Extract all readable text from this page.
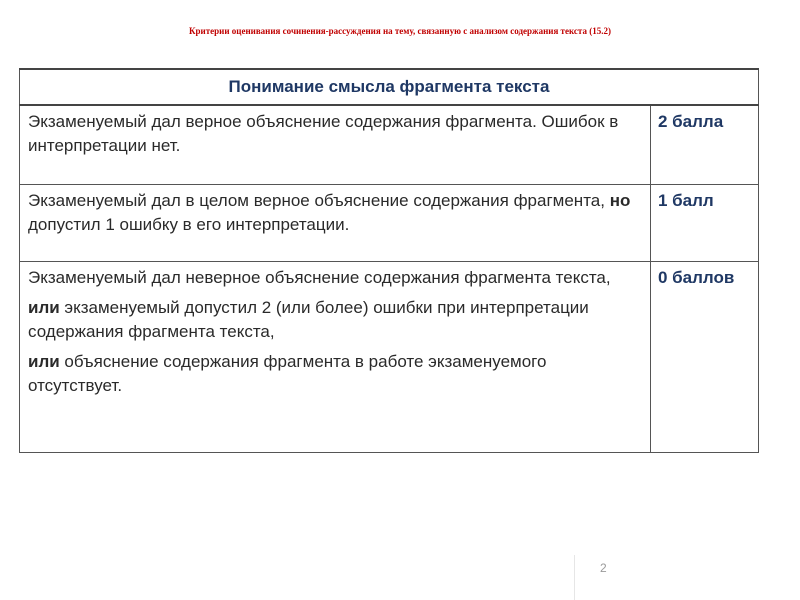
Критерии оценивания сочинения-рассуждения на тему, связанную с анализом содержания текста (15.2)
Понимание смысла фрагмента текста	
Экзаменуемый дал верное объяснение содержания фрагмента. Ошибок в интерпретации нет.	2 балла
Экзаменуемый дал в целом верное объяснение содержания фрагмента, но допустил 1 ошибку в его интерпретации.	1 балл

Экзаменуемый дал неверное объяснение содержания фрагмента текста,
или экзаменуемый допустил 2 (или более) ошибки при интерпретации содержания фрагмента текста,
или объяснение содержания фрагмента в работе экзаменуемого отсутствует.	0 баллов
2
